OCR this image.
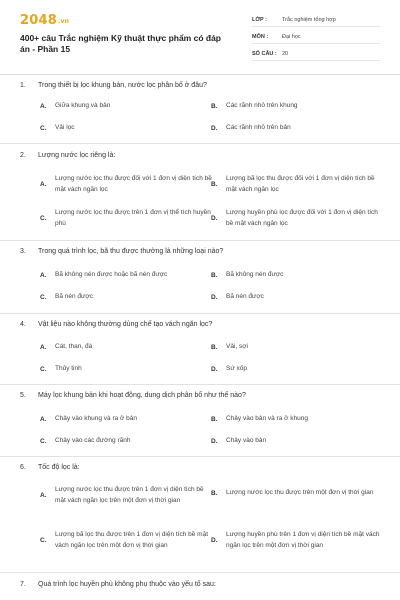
2048.vn
400+ câu Trắc nghiệm Kỹ thuật thực phẩm có đáp án - Phần 15
LỚP :	Trắc nghiệm tổng hợp
MÔN :	Đại học
SỐ CÂU : 20
1. Trong thiết bị lọc khung bản, nước lọc phân bố ở đâu?
A.	Giữa khung và bản	B.	Các rãnh nhỏ trên khung
C.	Vải lọc	D.	Các rãnh nhỏ trên bản
2. Lượng nước lọc riêng là:
A.
Lượng nước lọc thu được đối với 1 đơn vị diện tích bề mặt vách ngăn lọc
B.
Lượng bã lọc thu được đối với 1 đơn vị diện tích bề mặt vách ngăn lọc
C.
Lượng nước lọc thu được trên 1 đơn vị thể tích huyền phù
D.
Lượng huyền phù lọc được đối với 1 đơn vị diện tích bề mặt vách ngăn lọc
3. Trong quá trình lọc, bã thu được thường là những loại nào?
A.	Bã không nén được hoặc bã nén được	B.	Bã không nén được
C.	Bã nén được	D.	Bã nén được
4. Vật liệu nào không thường dùng chế tạo vách ngăn lọc?
A.	Cát, than, đá	B.	Vải, sợi
C.	Thủy tinh	D.	Sứ xốp
5. Máy lọc khung bản khi hoạt động, dung dịch phân bố như thế nào?
A.	Chảy vào khung và ra ở bản	B.	Chảy vào bản và ra ở khung
C.	Chảy vào các đường rãnh	D.	Chảy vào bản
6. Tốc độ lọc là:
A.
Lượng nước lọc thu được trên 1 đơn vị diện tích bề mặt vách ngăn lọc trên một đơn vị thời gian
B.	Lượng nước lọc thu được trên một đơn vị thời gian
C.
Lượng bã lọc thu được trên 1 đơn vị diện tích bề mặt vách ngăn lọc trên một đơn vị thời gian
D.
Lượng huyền phù trên 1 đơn vị diện tích bề mặt vách ngăn lọc trên một đơn vị thời gian
7. Quá trình lọc huyền phù không phụ thuộc vào yếu tố sau:
